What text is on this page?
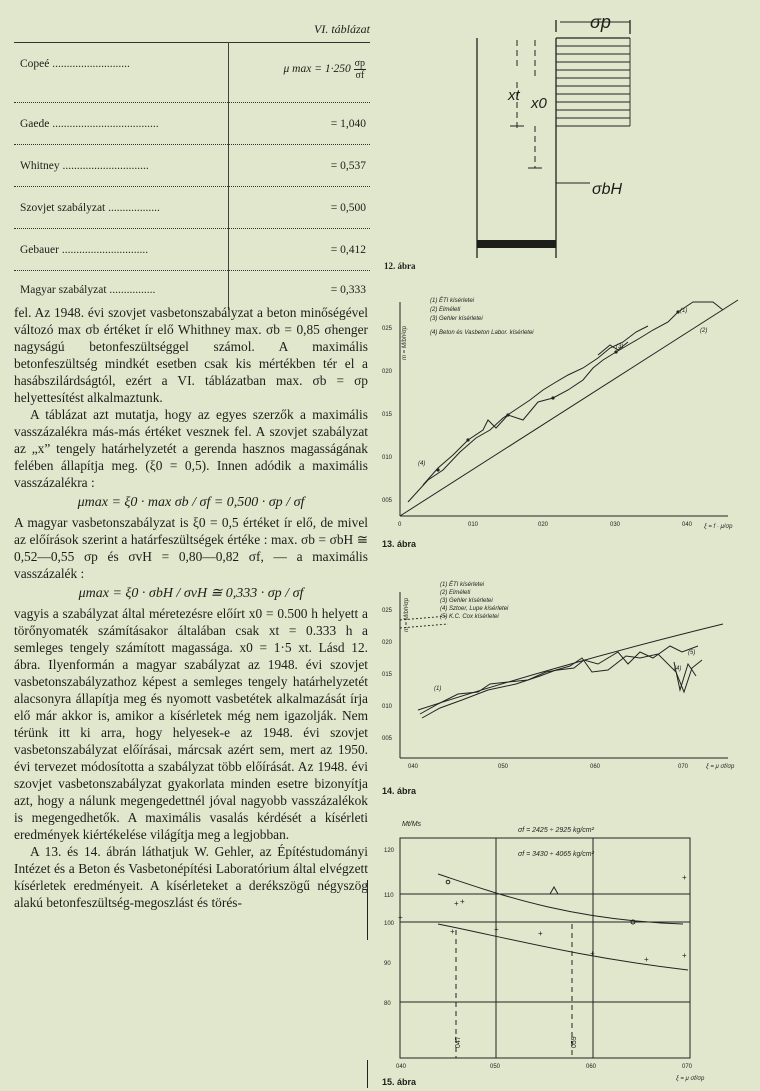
VI. táblázat
Copeé ...........................	μ $\max = 1\cdot 250 \frac{\sigma p}{\sigma f}$
Gaede .....................................	= 1,040
Whitney ..............................	= 0,537
Szovjet szabályzat ..................	= 0,500
Gebauer ..............................	= 0,412
Magyar szabályzat ................	= 0,333

fel. Az 1948. évi szovjet vasbetonszabályzat a beton minőségével változó max σb értéket ír elő Whithney max. σb = 0,85 σhenger nagyságú betonfeszültséggel számol. A maximális betonfeszültség mindkét esetben csak kis mértékben tér el a hasábszilárdságtól, ezért a VI. táblázatban max. σb = σp helyettesítést alkalmaztunk.

A táblázat azt mutatja, hogy az egyes szerzők a maximális vasszázalékra más-más értéket vesznek fel. A szovjet szabályzat az „x” tengely határhelyzetét a gerenda hasznos magasságának felében állapítja meg. (ξ0 = 0,5). Innen adódik a maximális vasszázalékra :

μmax = ξ0 · max σb / σf = 0,500 · σp / σf

A magyar vasbetonszabályzat is ξ0 = 0,5 értéket ír elő, de mivel az előírások szerint a határfeszültségek értéke : max. σb = σbH ≅ 0,52—0,55 σp és σvH = 0,80—0,82 σf, — a maximális vasszázalék :

μmax = ξ0 · σbH / σvH ≅ 0,333 · σp / σf

vagyis a szabályzat által méretezésre előírt x0 = 0.500 h helyett a törőnyomaték számításakor általában csak xt = 0.333 h a semleges tengely számított magassága. x0 = 1·5 xt. Lásd 12. ábra. Ilyenformán a magyar szabályzat az 1948. évi szovjet vasbetonszabályzathoz képest a semleges tengely határhelyzetét alacsonyra állapítja meg és nyomott vasbetétek alkalmazását írja elő már akkor is, amikor a kísérletek még nem igazolják. Nem térünk itt ki arra, hogy helyesek-e az 1948. évi szovjet vasbetonszabályzat előírásai, márcsak azért sem, mert az 1950. évi tervezet módosította a szabályzat több előírását. Az 1948. évi szovjet vasbetonszabályzat gyakorlata minden esetre bizonyítja azt, hogy a nálunk megengedettnél jóval nagyobb vasszázalékok is megengedhetők. A maximális vasalás kérdését a kísérleti eredmények kiértékelése világítja meg a legjobban.

A 13. és 14. ábrán láthatjuk W. Gehler, az Építéstudományi Intézet és a Beton és Vasbetonépítési Laboratórium által elvégzett kísérletek eredményeit. A kísérleteket a derékszögű négyszög alakú betonfeszültség-megoszlást és törés-

σp
xt x0
σbH
12. ábra
(1) ÉTI kísérletei
(2) Elméleti
(3) Gehler kísérletei
(4) Beton és Vasbeton Labor. kísérletei
(1)
(2)
(3)
(4)
025
020
015
010
005
0	010	020	030	040 ξ = f · μ/σp
m = M/bh²σp
13. ábra
(1) ÉTI kísérletei
(2) Elméleti
(3) Gehler kísérletei
(4) Sztoer, Lupe kísérletei
(5) K.C. Cox kísérletei
(1)
(4)
(5)
025
020
015
010
005
040	050	060	070	ξ = μ σf/σp
m = M/bh²σp
14. ábra
+
+ +
+	+	+
+
+	+
+
σf = 2425 ÷ 2925 kg/cm²
σf = 3430 ÷ 4065 kg/cm²
Mt/Ms
120
110
100
90
80
040	050	060	070
ξ = μ σf/σp
047	059
15. ábra
